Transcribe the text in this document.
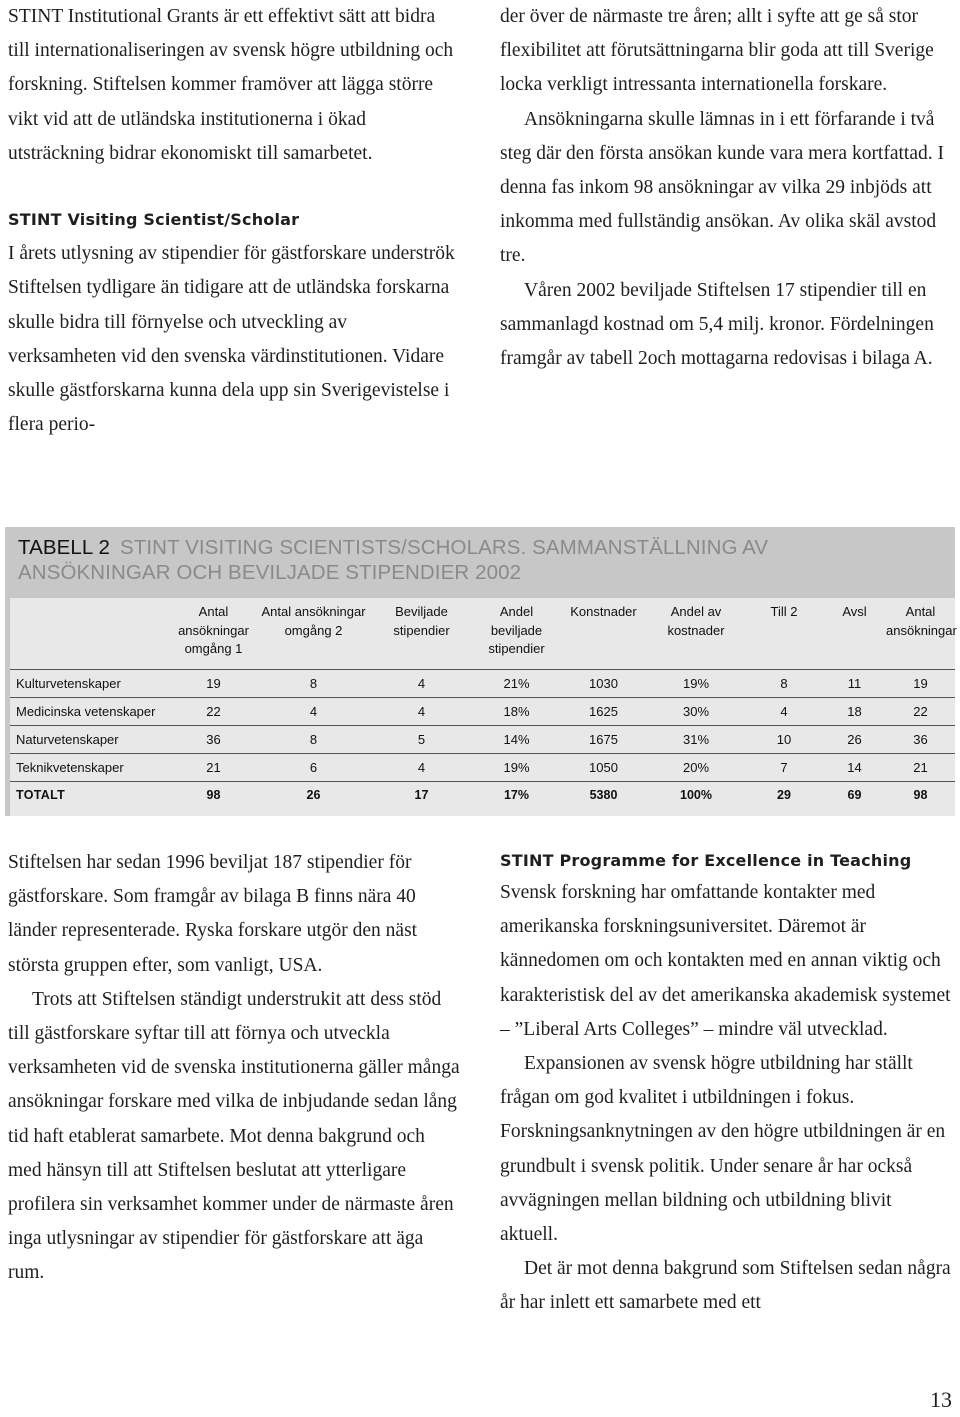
STINT Institutional Grants är ett effektivt sätt att bidra till internationaliseringen av svensk högre utbildning och forskning. Stiftelsen kommer framöver att lägga större vikt vid att de utländska institutionerna i ökad utsträckning bidrar ekonomiskt till samarbetet.

STINT Visiting Scientist/Scholar

I årets utlysning av stipendier för gästforskare underströk Stiftelsen tydligare än tidigare att de utländska forskarna skulle bidra till förnyelse och utveckling av verksamheten vid den svenska värdinstitutionen. Vidare skulle gästforskarna kunna dela upp sin Sverigevistelse i flera perio-

der över de närmaste tre åren; allt i syfte att ge så stor flexibilitet att förutsättningarna blir goda att till Sverige locka verkligt intressanta internationella forskare.

Ansökningarna skulle lämnas in i ett förfarande i två steg där den första ansökan kunde vara mera kortfattad. I denna fas inkom 98 ansökningar av vilka 29 inbjöds att inkomma med fullständig ansökan. Av olika skäl avstod tre.

Våren 2002 beviljade Stiftelsen 17 stipendier till en sammanlagd kostnad om 5,4 milj. kronor. Fördelningen framgår av tabell 2och mottagarna redovisas i bilaga A.

TABELL 2 STINT VISITING SCIENTISTS/SCHOLARS. SAMMANSTÄLLNING AV ANSÖKNINGAR OCH BEVILJADE STIPENDIER 2002
	Antal ansökningar omgång 1	Antal ansökningar omgång 2	Beviljade stipendier	Andel beviljade stipendier	Konstnader	Andel av kostnader	Till 2	Avsl	Antal ansökningar
Kulturvetenskaper	19	8	4	21%	1030	19%	8	11	19
Medicinska vetenskaper	22	4	4	18%	1625	30%	4	18	22
Naturvetenskaper	36	8	5	14%	1675	31%	10	26	36
Teknikvetenskaper	21	6	4	19%	1050	20%	7	14	21
TOTALT	98	26	17	17%	5380	100%	29	69	98

Stiftelsen har sedan 1996 beviljat 187 stipendier för gästforskare. Som framgår av bilaga B finns nära 40 länder representerade. Ryska forskare utgör den näst största gruppen efter, som vanligt, USA.

Trots att Stiftelsen ständigt understrukit att dess stöd till gästforskare syftar till att förnya och utveckla verksamheten vid de svenska institutionerna gäller många ansökningar forskare med vilka de inbjudande sedan lång tid haft etablerat samarbete. Mot denna bakgrund och med hänsyn till att Stiftelsen beslutat att ytterligare profilera sin verksamhet kommer under de närmaste åren inga utlysningar av stipendier för gästforskare att äga rum.

STINT Programme for Excellence in Teaching

Svensk forskning har omfattande kontakter med amerikanska forskningsuniversitet. Däremot är kännedomen om och kontakten med en annan viktig och karakteristisk del av det amerikanska akademisk systemet – ”Liberal Arts Colleges” – mindre väl utvecklad.

Expansionen av svensk högre utbildning har ställt frågan om god kvalitet i utbildningen i fokus. Forskningsanknytningen av den högre utbildningen är en grundbult i svensk politik. Under senare år har också avvägningen mellan bildning och utbildning blivit aktuell.

Det är mot denna bakgrund som Stiftelsen sedan några år har inlett ett samarbete med ett

13
